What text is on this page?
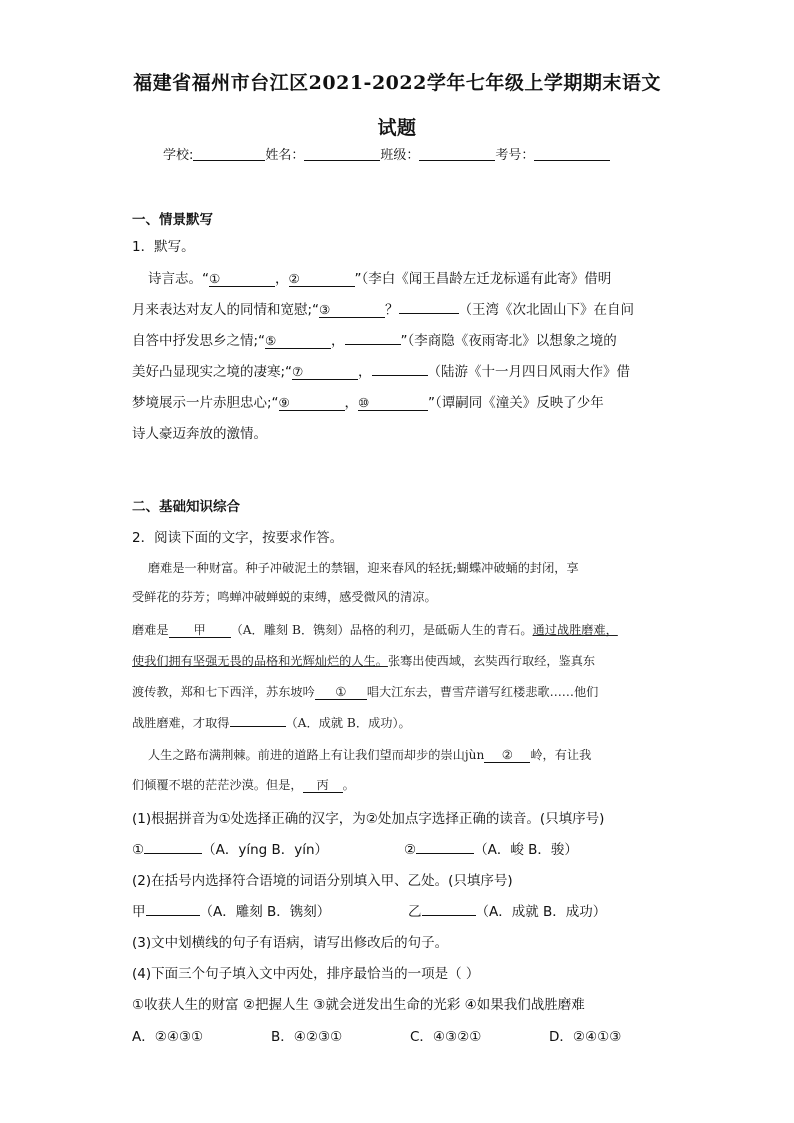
福建省福州市台江区2021-2022学年七年级上学期期末语文
试题
学校:	姓名：	班级：	考号：
一、情景默写
1．默写。
诗言志。“①	，②	”（李白《闻王昌龄左迁龙标遥有此寄》借明
月来表达对友人的同情和宽慰;“③	？	（王湾《次北固山下》在自问
自答中抒发思乡之情;“⑤	，	”（李商隐《夜雨寄北》以想象之境的
美好凸显现实之境的凄寒;“⑦	，	（陆游《十一月四日风雨大作》借
梦境展示一片赤胆忠心;“⑨	，⑩	”（谭嗣同《潼关》反映了少年
诗人豪迈奔放的激情。
二、基础知识综合
2．阅读下面的文字，按要求作答。
磨难是一种财富。种子冲破泥土的禁锢，迎来春风的轻抚;蝴蝶冲破蛹的封闭，享
受鲜花的芬芳；鸣蝉冲破蝉蜕的束缚，感受微风的清凉。
磨难是 甲 （A．雕刻 B．镌刻）品格的利刃，是砥砺人生的青石。通过战胜磨难，
使我们拥有坚强无畏的品格和光辉灿烂的人生。张骞出使西域，玄奘西行取经，鉴真东
渡传教，郑和七下西洋，苏东坡吟 ① 唱大江东去，曹雪芹谱写红楼悲歌……他们
战胜磨难，才取得	（A．成就 B．成功）。
人生之路布满荆棘。前进的道路上有让我们望而却步的崇山jùn ② 岭，有让我
们倾覆不堪的茫茫沙漠。但是， 丙 。
(1)根据拼音为①处选择正确的汉字，为②处加点字选择正确的读音。(只填序号)
①	（A．yíng B．yín）	②	（A．峻 B．骏）
(2)在括号内选择符合语境的词语分别填入甲、乙处。(只填序号)
甲	（A．雕刻 B．镌刻）	乙	（A．成就 B．成功）
(3)文中划横线的句子有语病，请写出修改后的句子。
(4)下面三个句子填入文中丙处，排序最恰当的一项是（ ）
①收获人生的财富 ②把握人生 ③就会迸发出生命的光彩 ④如果我们战胜磨难
A．②④③①	B．④②③①	C．④③②①	D．②④①③
